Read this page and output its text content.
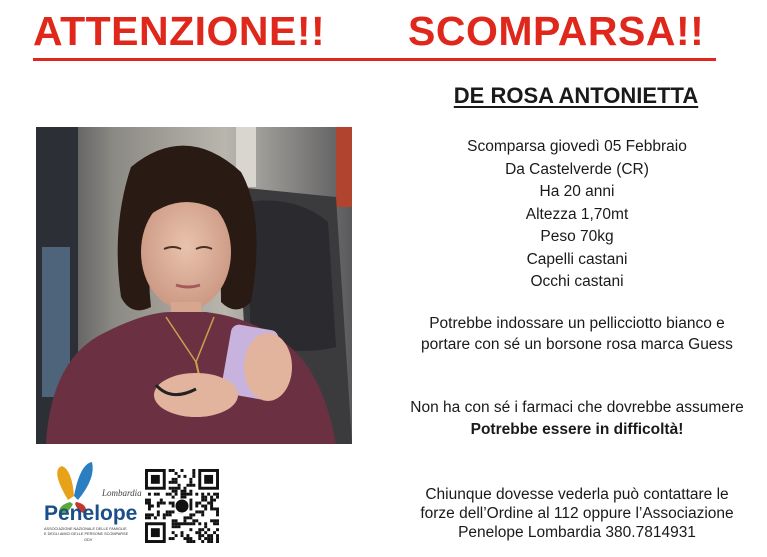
ATTENZIONE!! SCOMPARSA!!
DE ROSA ANTONIETTA
Scomparsa giovedì 05 Febbraio
Da Castelverde (CR)
Ha 20 anni
Altezza 1,70mt
Peso 70kg
Capelli castani
Occhi castani
Potrebbe indossare un pellicciotto bianco e
portare con sé un borsone rosa marca Guess
Non ha con sé i farmaci che dovrebbe assumere
Potrebbe essere in difficoltà!
Chiunque dovesse vederla può contattare le
forze dell’Ordine al 112 oppure l’Associazione
Penelope Lombardia 380.7814931
Lombardia
Penelope
ASSOCIAZIONE NAZIONALE DELLE FAMIGLIE
E DEGLI AMICI DELLE PERSONE SCOMPARSE
ODV
